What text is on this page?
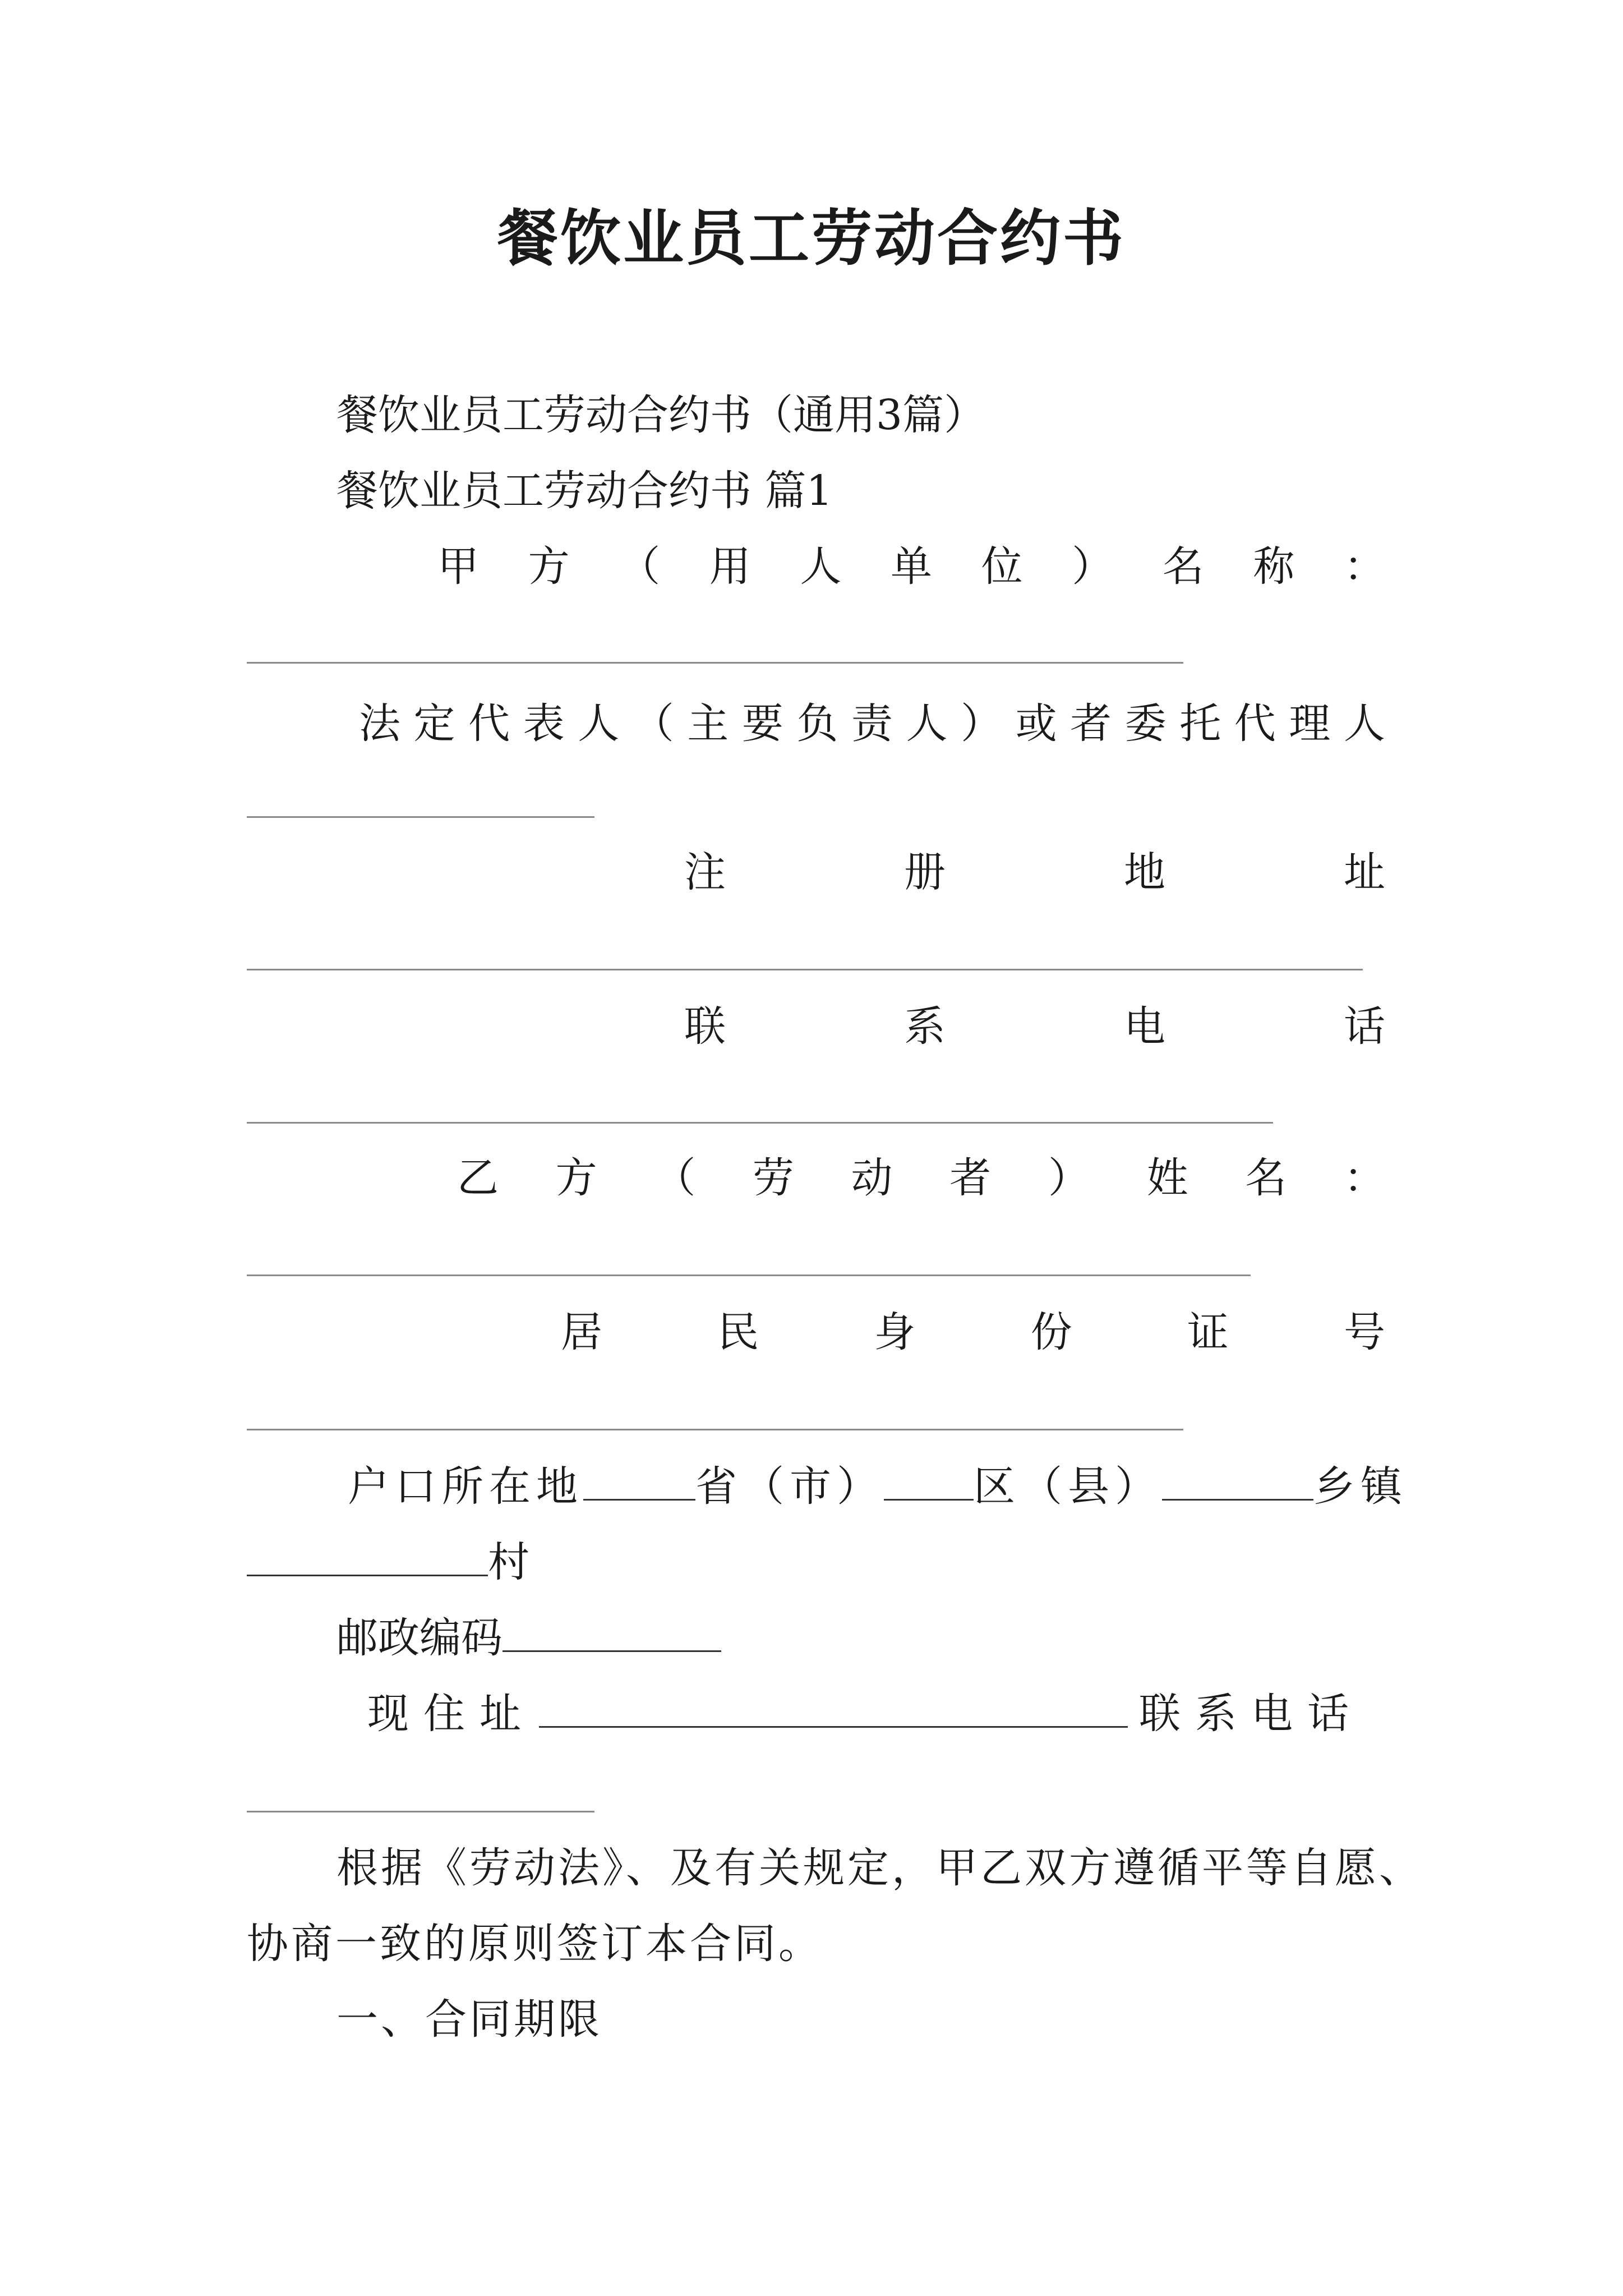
餐饮业员工劳动合约书
餐饮业员工劳动合约书（通用3篇）
餐饮业员工劳动合约书 篇1
甲 方 （ 用 人 单 位 ） 名 称 ：
法 定 代 表 人 （ 主 要 负 责 人 ） 或 者 委 托 代 理 人
注	册	地	址
联	系	电	话
乙 方 （ 劳 动 者 ） 姓 名 ：
居	民	身	份	证	号
户口所在地	省（市） 区（县）	乡镇
村
邮政编码
现住址	联系电话
根据《劳动法》、及有关规定，甲乙双方遵循平等自愿、
协商一致的原则签订本合同。
一、合同期限
